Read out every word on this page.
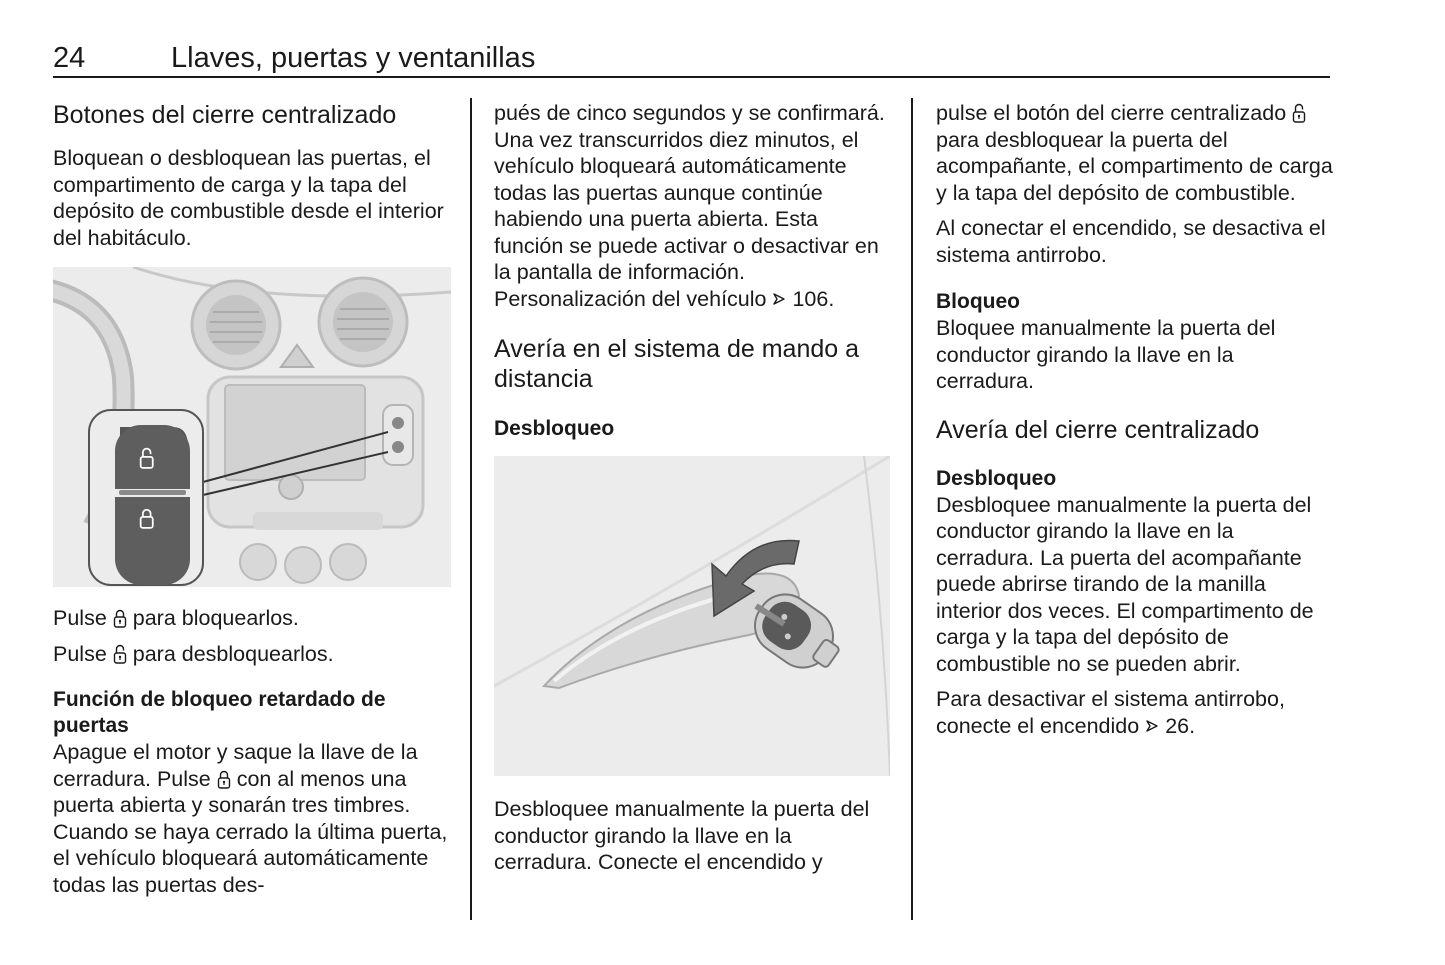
24	Llaves, puertas y ventanillas
Botones del cierre centralizado

Bloquean o desbloquean las puertas, el compartimento de carga y la tapa del depósito de combustible desde el interior del habitáculo.

Pulse para bloquearlos.

Pulse para desbloquearlos.

Función de bloqueo retardado de puertas

Apague el motor y saque la llave de la cerradura. Pulse con al menos una puerta abierta y sonarán tres timbres. Cuando se haya cerrado la última puerta, el vehículo bloqueará automáticamente todas las puertas des-

pués de cinco segundos y se confirmará. Una vez transcurridos diez minutos, el vehículo bloqueará automáticamente todas las puertas aunque continúe habiendo una puerta abierta. Esta función se puede activar o desactivar en la pantalla de información. Personalización del vehículo 106.

Avería en el sistema de mando a distancia
Desbloqueo

Desbloquee manualmente la puerta del conductor girando la llave en la cerradura. Conecte el encendido y

pulse el botón del cierre centralizado  para desbloquear la puerta del acompañante, el compartimento de carga y la tapa del depósito de combustible.

Al conectar el encendido, se desactiva el sistema antirrobo.

Bloqueo

Bloquee manualmente la puerta del conductor girando la llave en la cerradura.

Avería del cierre centralizado
Desbloqueo

Desbloquee manualmente la puerta del conductor girando la llave en la cerradura. La puerta del acompañante puede abrirse tirando de la manilla interior dos veces. El compartimento de carga y la tapa del depósito de combustible no se pueden abrir.

Para desactivar el sistema antirrobo, conecte el encendido 26.
